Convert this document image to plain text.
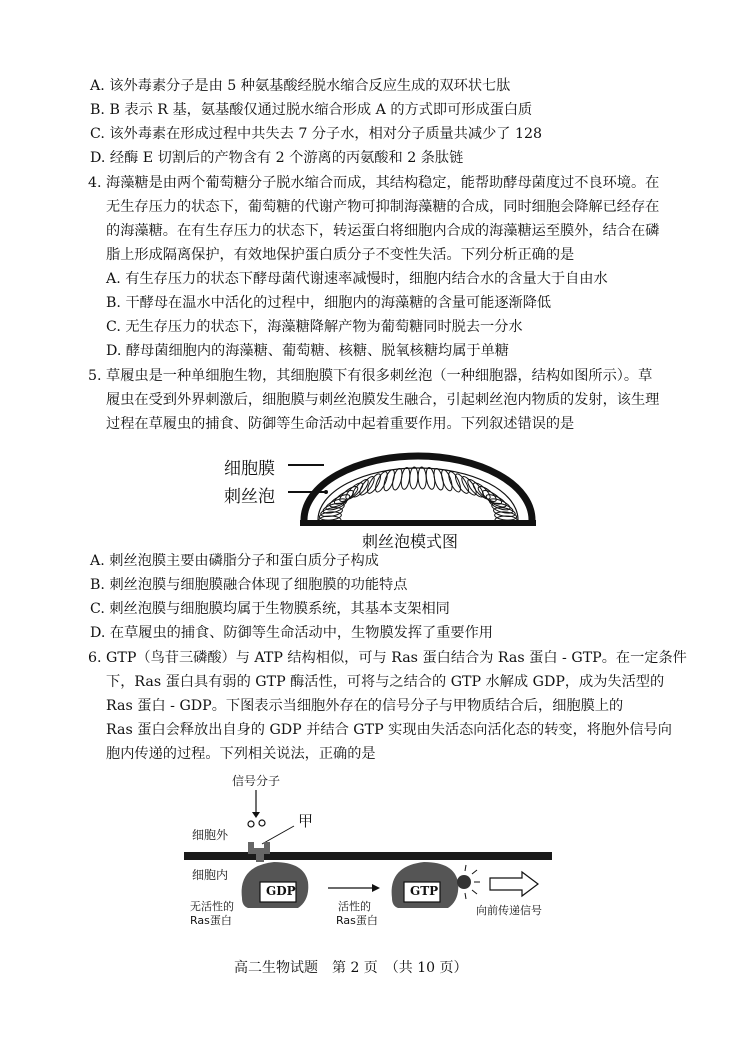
A. 该外毒素分子是由 5 种氨基酸经脱水缩合反应生成的双环状七肽
B. B 表示 R 基，氨基酸仅通过脱水缩合形成 A 的方式即可形成蛋白质
C. 该外毒素在形成过程中共失去 7 分子水，相对分子质量共减少了 128
D. 经酶 E 切割后的产物含有 2 个游离的丙氨酸和 2 条肽链
4. 海藻糖是由两个葡萄糖分子脱水缩合而成，其结构稳定，能帮助酵母菌度过不良环境。在
无生存压力的状态下，葡萄糖的代谢产物可抑制海藻糖的合成，同时细胞会降解已经存在
的海藻糖。在有生存压力的状态下，转运蛋白将细胞内合成的海藻糖运至膜外，结合在磷
脂上形成隔离保护，有效地保护蛋白质分子不变性失活。下列分析正确的是
A. 有生存压力的状态下酵母菌代谢速率减慢时，细胞内结合水的含量大于自由水
B. 干酵母在温水中活化的过程中，细胞内的海藻糖的含量可能逐渐降低
C. 无生存压力的状态下，海藻糖降解产物为葡萄糖同时脱去一分水
D. 酵母菌细胞内的海藻糖、葡萄糖、核糖、脱氧核糖均属于单糖
5. 草履虫是一种单细胞生物，其细胞膜下有很多刺丝泡（一种细胞器，结构如图所示）。草
履虫在受到外界刺激后，细胞膜与刺丝泡膜发生融合，引起刺丝泡内物质的发射，该生理
过程在草履虫的捕食、防御等生命活动中起着重要作用。下列叙述错误的是
细胞膜
刺丝泡
刺丝泡模式图
A. 刺丝泡膜主要由磷脂分子和蛋白质分子构成
B. 刺丝泡膜与细胞膜融合体现了细胞膜的功能特点
C. 刺丝泡膜与细胞膜均属于生物膜系统，其基本支架相同
D. 在草履虫的捕食、防御等生命活动中，生物膜发挥了重要作用
6. GTP（鸟苷三磷酸）与 ATP 结构相似，可与 Ras 蛋白结合为 Ras 蛋白 - GTP。在一定条件
下，Ras 蛋白具有弱的 GTP 酶活性，可将与之结合的 GTP 水解成 GDP，成为失活型的
Ras 蛋白 - GDP。下图表示当细胞外存在的信号分子与甲物质结合后，细胞膜上的
Ras 蛋白会释放出自身的 GDP 并结合 GTP 实现由失活态向活化态的转变，将胞外信号向
胞内传递的过程。下列相关说法，正确的是
信号分子
甲
细胞外
细胞内
GDP	GTP
无活性的
Ras蛋白
活性的
Ras蛋白
向前传递信号
高二生物试题　第 2 页　（共 10 页）
